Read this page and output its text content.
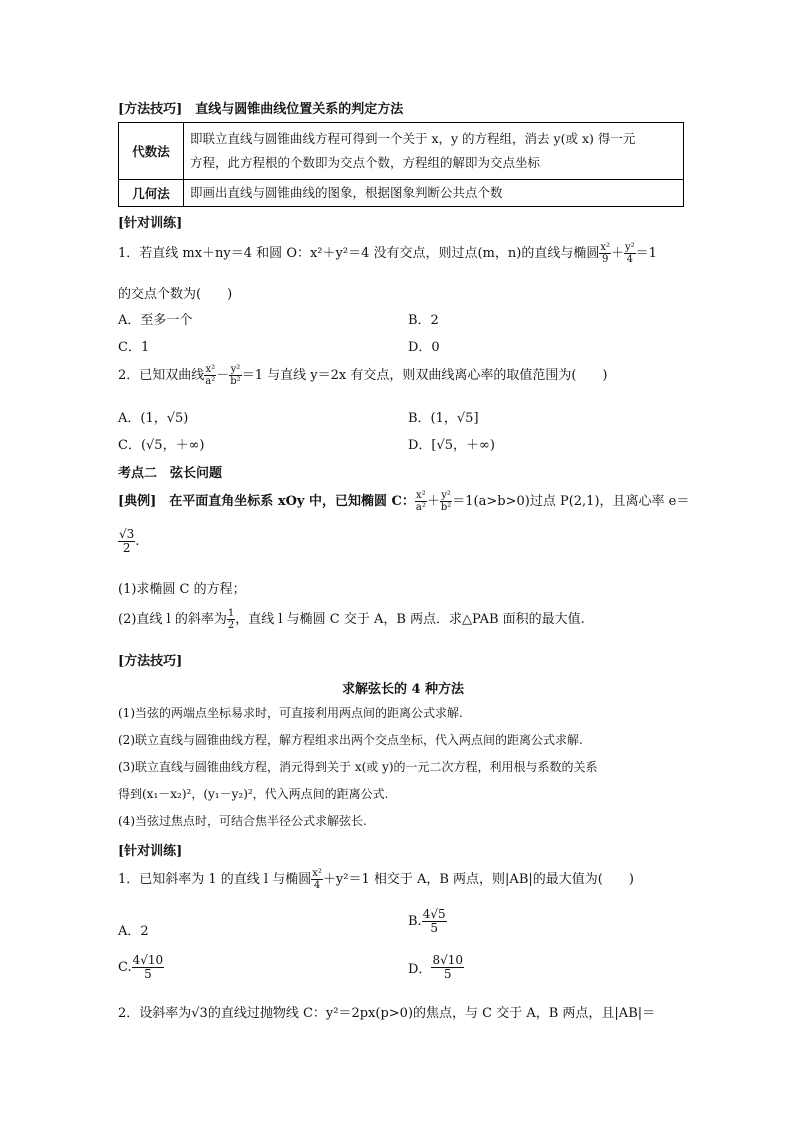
[方法技巧]　直线与圆锥曲线位置关系的判定方法
代数法	即联立直线与圆锥曲线方程可得到一个关于 x，y 的方程组，消去 y(或 x) 得一元
方程，此方程根的个数即为交点个数，方程组的解即为交点坐标

几何法	即画出直线与圆锥曲线的图象，根据图象判断公共点个数
[针对训练]
1．若直线 mx＋ny＝4 和圆 O：x²＋y²＝4 没有交点，则过点(m，n)的直线与椭圆 $\frac{\text{x²}}{9} + \frac{\text{y²}}{4} =1$
的交点个数为(　　)
A．至多一个	B．2
C．1	D．0
2．已知双曲线 $\frac{\text{x²}}{\text{a²}} - \frac{\text{y²}}{\text{b²}} =1$ 与直线 y＝2x 有交点，则双曲线离心率的取值范围为(　　)
A．(1，√5)	B．(1，√5]
C．(√5，＋∞)	D．[√5，＋∞)
考点二　弦长问题
[典例]　在平面直角坐标系 xOy 中，已知椭圆 C： $\frac{\text{x²}}{\text{a²}} + \frac{\text{y²}}{\text{b²}} =1(a>b>0)$过点 P(2,1)，且离心率 e＝
$\frac{√3}{2}$ .
(1)求椭圆 C 的方程；
(2)直线 l 的斜率为 $\frac{1}{2}$ ，直线 l 与椭圆 C 交于 A，B 两点．求△PAB 面积的最大值.
[方法技巧]
求解弦长的 4 种方法
(1)当弦的两端点坐标易求时，可直接利用两点间的距离公式求解.
(2)联立直线与圆锥曲线方程，解方程组求出两个交点坐标，代入两点间的距离公式求解.
(3)联立直线与圆锥曲线方程，消元得到关于 x(或 y)的一元二次方程，利用根与系数的关系
得到(x₁－x₂)²，(y₁－y₂)²，代入两点间的距离公式.
(4)当弦过焦点时，可结合焦半径公式求解弦长.
[针对训练]
1．已知斜率为 1 的直线 l 与椭圆 $\frac{\text{x²}}{4} +y^2=1$ 相交于 A，B 两点，则|AB|的最大值为(　　)
A．2
B. $\frac{4√5}{5}$
C. $\frac{4√10}{5}$	D． $\frac{8√10}{5}$
2．设斜率为√3的直线过抛物线 C：y²＝2px(p>0)的焦点，与 C 交于 A，B 两点，且|AB|＝
